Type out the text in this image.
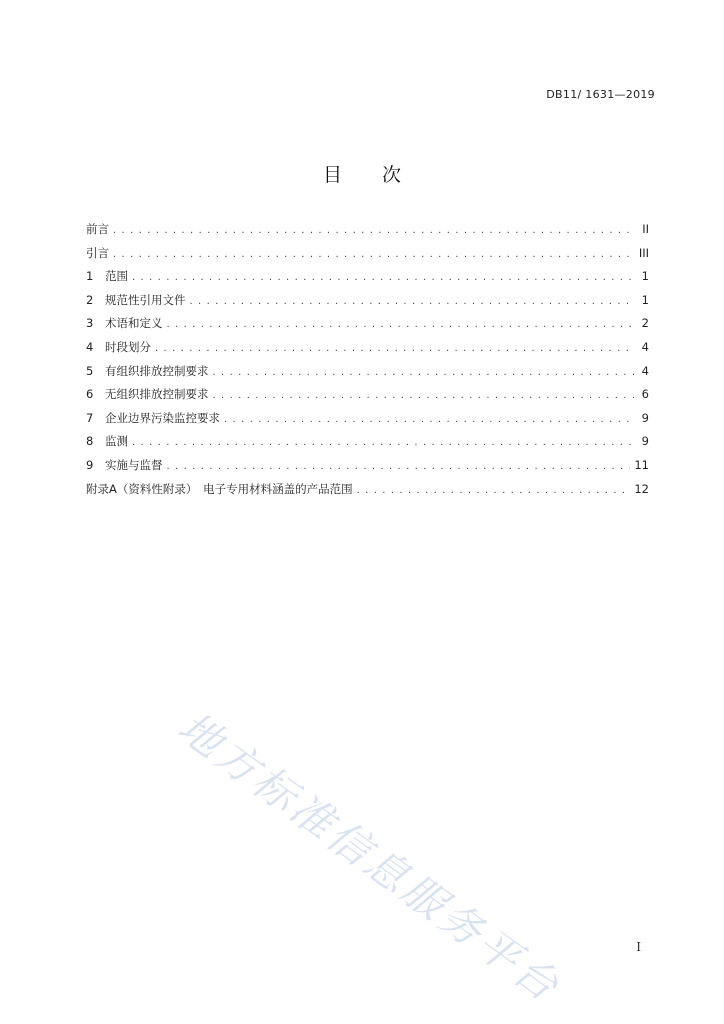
DB11/ 1631—2019
目 次
前言 . . .	II
引言 . . .	III
1	范围 . . .	1
2	规范性引用文件 . . .	1
3	术语和定义 . . .	2
4	时段划分 . . .	4
5	有组织排放控制要求 . . .	4
6	无组织排放控制要求 . . .	6
7	企业边界污染监控要求 . . .	9
8	监测 . . .	9
9	实施与监督 . . .	11
附录A（资料性附录）　电子专用材料涵盖的产品范围 . . .	12
地方标准信息服务平台	I
